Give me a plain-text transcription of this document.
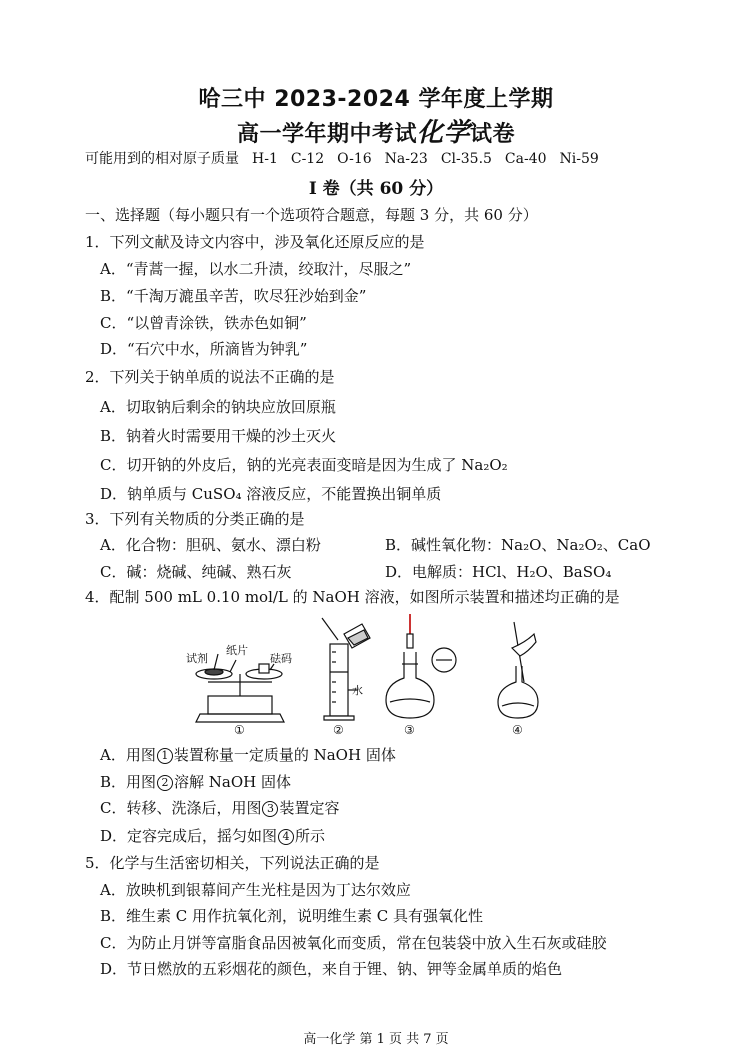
哈三中 2023-2024 学年度上学期
高一学年期中考试化学试卷
可能用到的相对原子质量 H-1 C-12 O-16 Na-23 Cl-35.5 Ca-40 Ni-59
I 卷（共 60 分）
一、选择题（每小题只有一个选项符合题意，每题 3 分，共 60 分）
1．下列文献及诗文内容中，涉及氧化还原反应的是
A．“青蒿一握，以水二升渍，绞取汁，尽服之”
B．“千淘万漉虽辛苦，吹尽狂沙始到金”
C．“以曾青涂铁，铁赤色如铜”
D．“石穴中水，所滴皆为钟乳”
2．下列关于钠单质的说法不正确的是
A．切取钠后剩余的钠块应放回原瓶
B．钠着火时需要用干燥的沙土灭火
C．切开钠的外皮后，钠的光亮表面变暗是因为生成了 Na₂O₂
D．钠单质与 CuSO₄ 溶液反应，不能置换出铜单质
3．下列有关物质的分类正确的是
A．化合物：胆矾、氨水、漂白粉	B．碱性氧化物：Na₂O、Na₂O₂、CaO
C．碱：烧碱、纯碱、熟石灰	D．电解质：HCl、H₂O、BaSO₄
4．配制 500 mL 0.10 mol/L 的 NaOH 溶液，如图所示装置和描述均正确的是
试剂
纸片
砝码
①
水
②	③	④
A．用图 1 装置称量一定质量的 NaOH 固体
B．用图 2 溶解 NaOH 固体
C．转移、洗涤后，用图 3 装置定容
D．定容完成后，摇匀如图 4 所示
5．化学与生活密切相关，下列说法正确的是
A．放映机到银幕间产生光柱是因为丁达尔效应
B．维生素 C 用作抗氧化剂，说明维生素 C 具有强氧化性
C．为防止月饼等富脂食品因被氧化而变质，常在包装袋中放入生石灰或硅胶
D．节日燃放的五彩烟花的颜色，来自于锂、钠、钾等金属单质的焰色
高一化学 第 1 页 共 7 页
